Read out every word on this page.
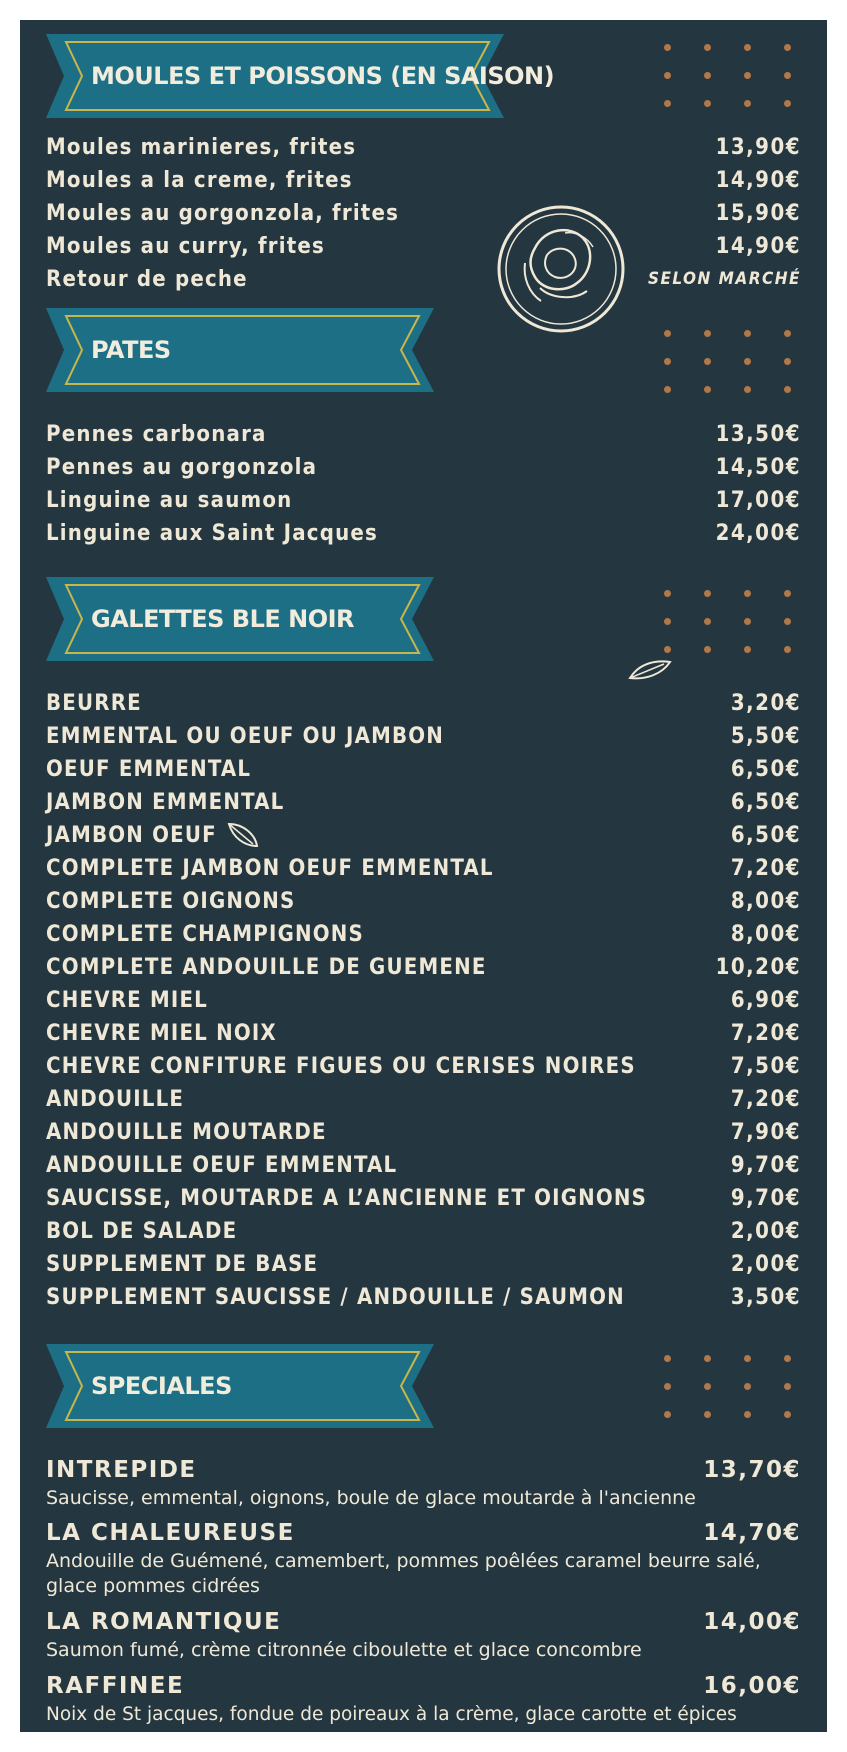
MOULES ET POISSONS (EN SAISON)
Moules marinieres, frites	13,90€
Moules a la creme, frites	14,90€
Moules au gorgonzola, frites	15,90€
Moules au curry, frites	14,90€
Retour de peche	SELON MARCHÉ
PATES
Pennes carbonara	13,50€
Pennes au gorgonzola	14,50€
Linguine au saumon	17,00€
Linguine aux Saint Jacques	24,00€
GALETTES BLE NOIR
BEURRE	3,20€
EMMENTAL OU OEUF OU JAMBON	5,50€
OEUF EMMENTAL	6,50€
JAMBON EMMENTAL	6,50€
JAMBON OEUF	6,50€
COMPLETE JAMBON OEUF EMMENTAL	7,20€
COMPLETE OIGNONS	8,00€
COMPLETE CHAMPIGNONS	8,00€
COMPLETE ANDOUILLE DE GUEMENE	10,20€
CHEVRE MIEL	6,90€
CHEVRE MIEL NOIX	7,20€
CHEVRE CONFITURE FIGUES OU CERISES NOIRES	7,50€
ANDOUILLE	7,20€
ANDOUILLE MOUTARDE	7,90€
ANDOUILLE OEUF EMMENTAL	9,70€
SAUCISSE, MOUTARDE A L’ANCIENNE ET OIGNONS	9,70€
BOL DE SALADE	2,00€
SUPPLEMENT DE BASE	2,00€
SUPPLEMENT SAUCISSE / ANDOUILLE / SAUMON	3,50€
SPECIALES
INTREPIDE	13,70€
Saucisse, emmental, oignons, boule de glace moutarde à l'ancienne
LA CHALEUREUSE	14,70€
Andouille de Guémené, camembert, pommes poêlées caramel beurre salé, glace pommes cidrées
LA ROMANTIQUE	14,00€
Saumon fumé, crème citronnée ciboulette et glace concombre
RAFFINEE	16,00€
Noix de St jacques, fondue de poireaux à la crème, glace carotte et épices
